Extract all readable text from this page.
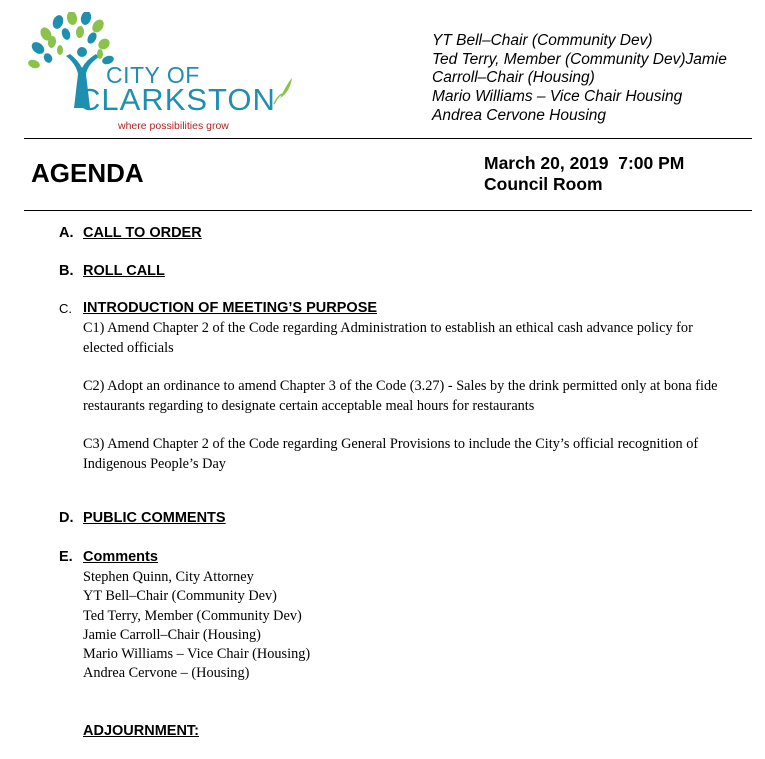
CITY OF
CLARKSTON
where possibilities grow
YT Bell–Chair (Community Dev)
Ted Terry, Member (Community Dev)Jamie
Carroll–Chair (Housing)
Mario Williams – Vice Chair Housing
Andrea Cervone Housing
AGENDA	March 20, 2019  7:00 PM
Council Room
A. CALL TO ORDER
B. ROLL CALL
C. INTRODUCTION OF MEETING’S PURPOSE
C1) Amend Chapter 2 of the Code regarding Administration to establish an ethical cash advance policy for elected officials
C2) Adopt an ordinance to amend Chapter 3 of the Code (3.27) - Sales by the drink permitted only at bona fide restaurants regarding to designate certain acceptable meal hours for restaurants
C3) Amend Chapter 2 of the Code regarding General Provisions to include the City’s official recognition of Indigenous People’s Day
D. PUBLIC COMMENTS
E. Comments
Stephen Quinn, City Attorney
YT Bell–Chair (Community Dev)
Ted Terry, Member (Community Dev)
Jamie Carroll–Chair (Housing)
Mario Williams – Vice Chair (Housing)
Andrea Cervone – (Housing)
ADJOURNMENT:
